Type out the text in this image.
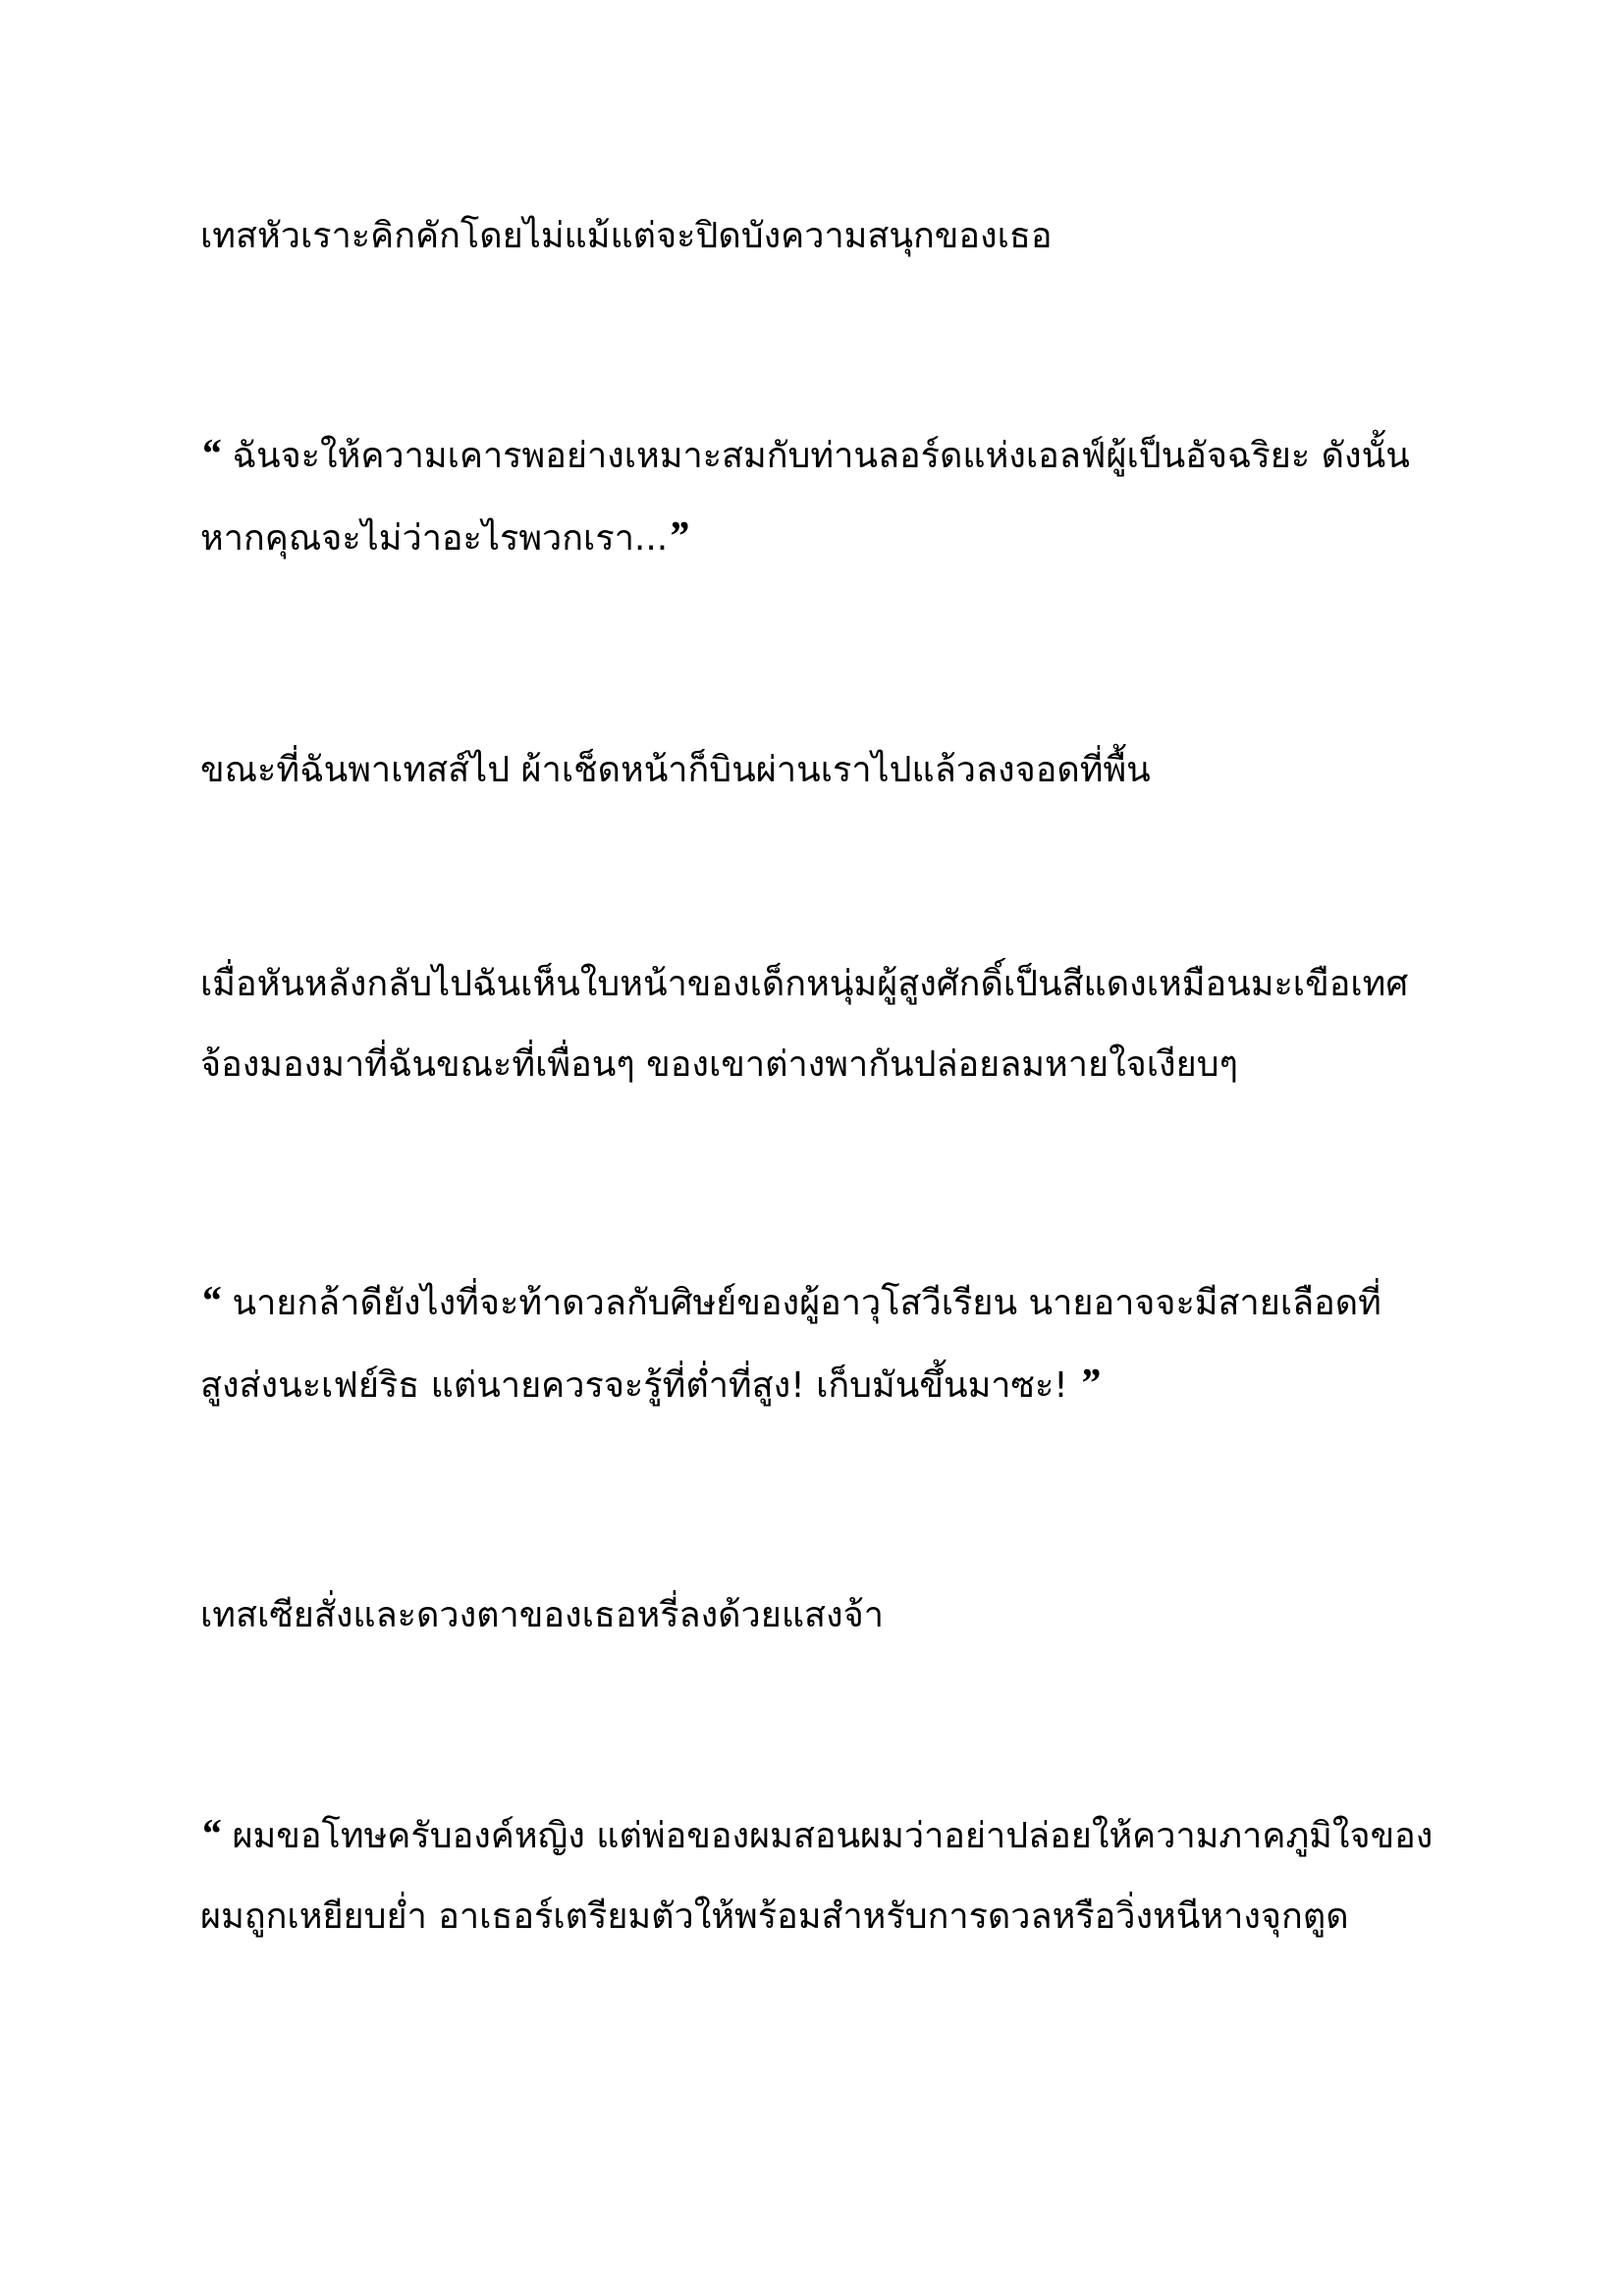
เทสหัวเราะคิกคักโดยไม่แม้แต่จะปิดบังความสนุกของเธอ
“ ฉันจะให้ความเคารพอย่างเหมาะสมกับท่านลอร์ดแห่งเอลฟ์ผู้เป็นอัจฉริยะ ดังนั้น
หากคุณจะไม่ว่าอะไรพวกเรา...”
ขณะที่ฉันพาเทสส์ไป ผ้าเช็ดหน้าก็บินผ่านเราไปแล้วลงจอดที่พื้น
เมื่อหันหลังกลับไปฉันเห็นใบหน้าของเด็กหนุ่มผู้สูงศักดิ์เป็นสีแดงเหมือนมะเขือเทศ
จ้องมองมาที่ฉันขณะที่เพื่อนๆ ของเขาต่างพากันปล่อยลมหายใจเงียบๆ
“ นายกล้าดียังไงที่จะท้าดวลกับศิษย์ของผู้อาวุโสวีเรียน นายอาจจะมีสายเลือดที่
สูงส่งนะเฟย์ริธ แต่นายควรจะรู้ที่ต่ำที่สูง! เก็บมันขึ้นมาซะ! ”
เทสเซียสั่งและดวงตาของเธอหรี่ลงด้วยแสงจ้า
“ ผมขอโทษครับองค์หญิง แต่พ่อของผมสอนผมว่าอย่าปล่อยให้ความภาคภูมิใจของ
ผมถูกเหยียบย่ำ อาเธอร์เตรียมตัวให้พร้อมสำหรับการดวลหรือวิ่งหนีหางจุกตูด
